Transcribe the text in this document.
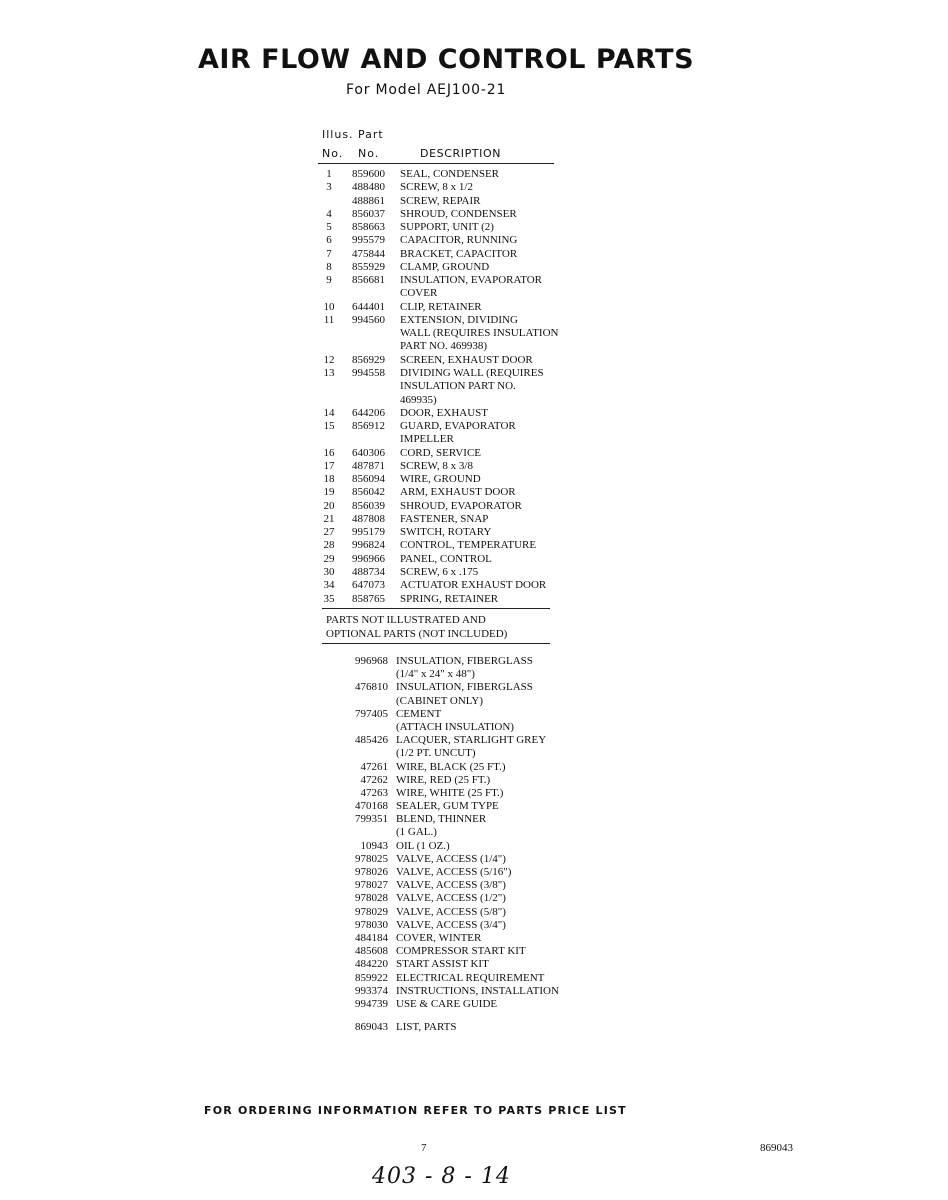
AIR FLOW AND CONTROL PARTS
For Model AEJ100-21
Illus. Part
No. No.	DESCRIPTION
1	859600 SEAL, CONDENSER
3	488480 SCREW, 8 x 1/2
488861 SCREW, REPAIR
4	856037 SHROUD, CONDENSER
5	858663 SUPPORT, UNIT (2)
6	995579 CAPACITOR, RUNNING
7	475844 BRACKET, CAPACITOR
8	855929 CLAMP, GROUND
9	856681 INSULATION, EVAPORATOR
COVER
10 644401 CLIP, RETAINER
11 994560 EXTENSION, DIVIDING
WALL (REQUIRES INSULATION
PART NO. 469938)
12 856929 SCREEN, EXHAUST DOOR
13 994558 DIVIDING WALL (REQUIRES
INSULATION PART NO.
469935)
14 644206 DOOR, EXHAUST
15 856912 GUARD, EVAPORATOR
IMPELLER
16 640306 CORD, SERVICE
17 487871 SCREW, 8 x 3/8
18 856094 WIRE, GROUND
19 856042 ARM, EXHAUST DOOR
20 856039 SHROUD, EVAPORATOR
21 487808 FASTENER, SNAP
27 995179 SWITCH, ROTARY
28 996824 CONTROL, TEMPERATURE
29 996966 PANEL, CONTROL
30 488734 SCREW, 6 x .175
34 647073 ACTUATOR EXHAUST DOOR
35 858765 SPRING, RETAINER
PARTS NOT ILLUSTRATED AND
OPTIONAL PARTS (NOT INCLUDED)
996968 INSULATION, FIBERGLASS
(1/4" x 24" x 48")
476810 INSULATION, FIBERGLASS
(CABINET ONLY)
797405 CEMENT
(ATTACH INSULATION)
485426 LACQUER, STARLIGHT GREY
(1/2 PT. UNCUT)
47261 WIRE, BLACK (25 FT.)
47262 WIRE, RED (25 FT.)
47263 WIRE, WHITE (25 FT.)
470168 SEALER, GUM TYPE
799351 BLEND, THINNER
(1 GAL.)
10943 OIL (1 OZ.)
978025 VALVE, ACCESS (1/4")
978026 VALVE, ACCESS (5/16")
978027 VALVE, ACCESS (3/8")
978028 VALVE, ACCESS (1/2")
978029 VALVE, ACCESS (5/8")
978030 VALVE, ACCESS (3/4")
484184 COVER, WINTER
485608 COMPRESSOR START KIT
484220 START ASSIST KIT
859922 ELECTRICAL REQUIREMENT
993374 INSTRUCTIONS, INSTALLATION
994739 USE & CARE GUIDE
869043 LIST, PARTS
FOR ORDERING INFORMATION REFER TO PARTS PRICE LIST
7	869043
403 - 8 - 14
